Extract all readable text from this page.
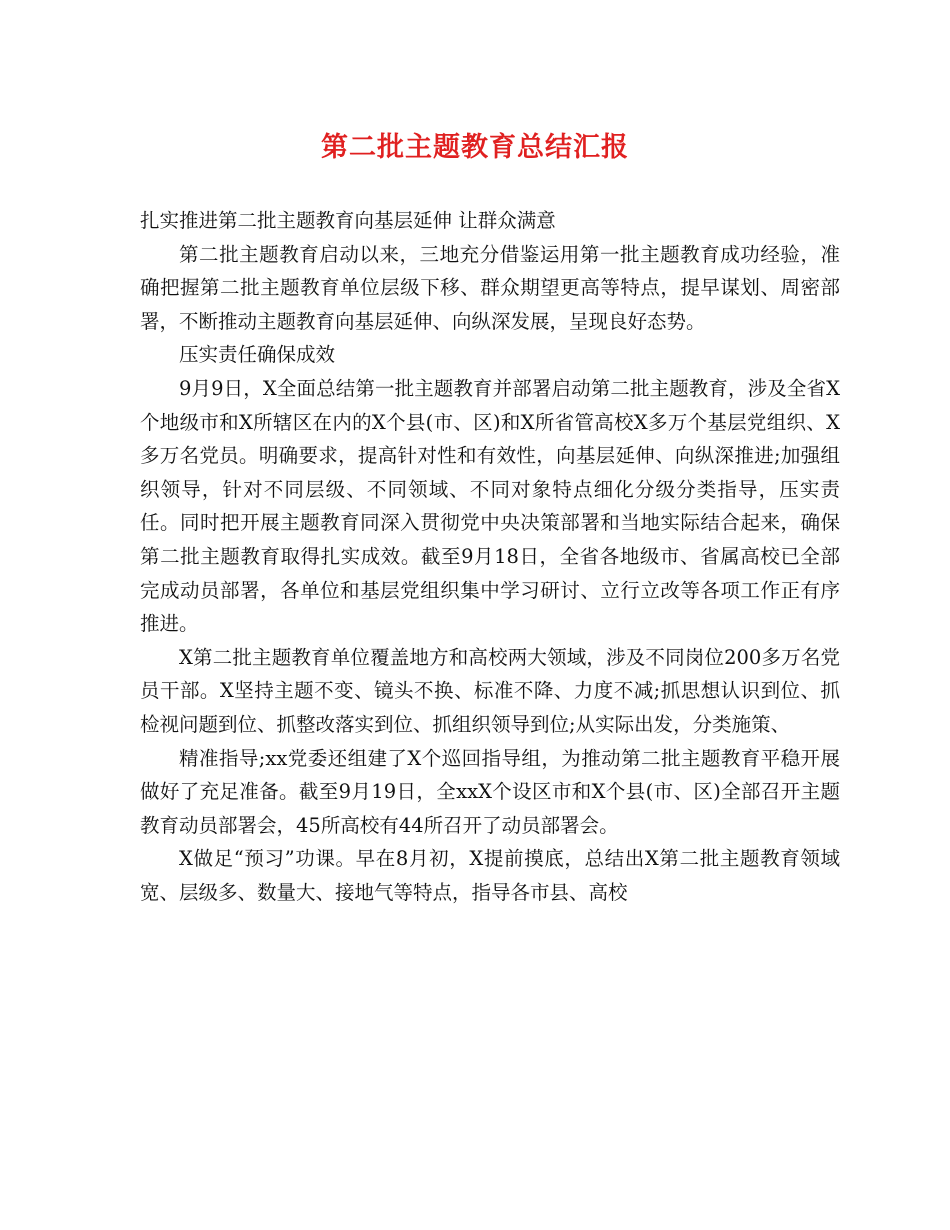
第二批主题教育总结汇报

扎实推进第二批主题教育向基层延伸 让群众满意

第二批主题教育启动以来，三地充分借鉴运用第一批主题教育成功经验，准确把握第二批主题教育单位层级下移、群众期望更高等特点，提早谋划、周密部署，不断推动主题教育向基层延伸、向纵深发展，呈现良好态势。

压实责任确保成效

9月9日，X全面总结第一批主题教育并部署启动第二批主题教育，涉及全省X个地级市和X所辖区在内的X个县(市、区)和X所省管高校X多万个基层党组织、X多万名党员。明确要求，提高针对性和有效性，向基层延伸、向纵深推进;加强组织领导，针对不同层级、不同领域、不同对象特点细化分级分类指导，压实责任。同时把开展主题教育同深入贯彻党中央决策部署和当地实际结合起来，确保第二批主题教育取得扎实成效。截至9月18日，全省各地级市、省属高校已全部完成动员部署，各单位和基层党组织集中学习研讨、立行立改等各项工作正有序推进。

X第二批主题教育单位覆盖地方和高校两大领域，涉及不同岗位200多万名党员干部。X坚持主题不变、镜头不换、标准不降、力度不减;抓思想认识到位、抓检视问题到位、抓整改落实到位、抓组织领导到位;从实际出发，分类施策、

精准指导;xx党委还组建了X个巡回指导组，为推动第二批主题教育平稳开展做好了充足准备。截至9月19日，全xxX个设区市和X个县(市、区)全部召开主题教育动员部署会，45所高校有44所召开了动员部署会。

X做足“预习”功课。早在8月初，X提前摸底，总结出X第二批主题教育领域宽、层级多、数量大、接地气等特点，指导各市县、高校
